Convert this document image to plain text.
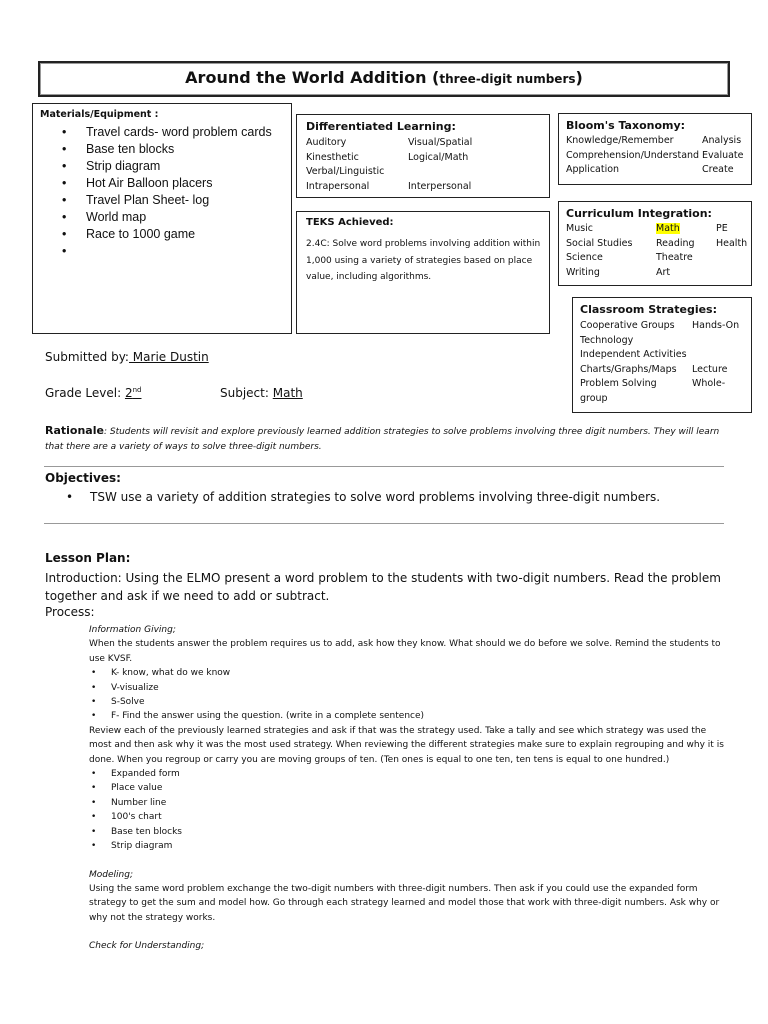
Around the World Addition (three-digit numbers)
Materials/Equipment :
• Travel cards- word problem cards
• Base ten blocks
• Strip diagram
• Hot Air Balloon placers
• Travel Plan Sheet- log
• World map
• Race to 1000 game
•
Differentiated Learning:
Auditory	Visual/Spatial
Kinesthetic	Logical/Math
Verbal/Linguistic
Intrapersonal	Interpersonal
TEKS Achieved:
2.4C: Solve word problems involving addition within 1,000 using a variety of strategies based on place value, including algorithms.
Bloom's Taxonomy:
Knowledge/Remember	Analysis
Comprehension/Understand Evaluate
Application	Create
Curriculum Integration:
Music	Math	PE
Social Studies	Reading	Health
Science	Theatre
Writing	Art
Classroom Strategies:
Cooperative Groups	Hands-On
Technology
Independent Activities
Charts/Graphs/Maps	Lecture
Problem Solving	Whole-
group
Submitted by: Marie Dustin
Grade Level: 2nd	Subject: Math
Rationale: Students will revisit and explore previously learned addition strategies to solve problems involving three digit numbers. They will learn that there are a variety of ways to solve three-digit numbers.
Objectives:
• TSW use a variety of addition strategies to solve word problems involving three-digit numbers.
Lesson Plan:
Introduction: Using the ELMO present a word problem to the students with two-digit numbers. Read the problem together and ask if we need to add or subtract.
Process:
Information Giving;
When the students answer the problem requires us to add, ask how they know. What should we do before we solve. Remind the students to use KVSF.
• K- know, what do we know
• V-visualize
• S-Solve
• F- Find the answer using the question. (write in a complete sentence)
Review each of the previously learned strategies and ask if that was the strategy used. Take a tally and see which strategy was used the most and then ask why it was the most used strategy. When reviewing the different strategies make sure to explain regrouping and why it is done. When you regroup or carry you are moving groups of ten. (Ten ones is equal to one ten, ten tens is equal to one hundred.)
• Expanded form
• Place value
• Number line
• 100's chart
• Base ten blocks
• Strip diagram
Modeling;
Using the same word problem exchange the two-digit numbers with three-digit numbers. Then ask if you could use the expanded form strategy to get the sum and model how. Go through each strategy learned and model those that work with three-digit numbers. Ask why or why not the strategy works.
Check for Understanding;
